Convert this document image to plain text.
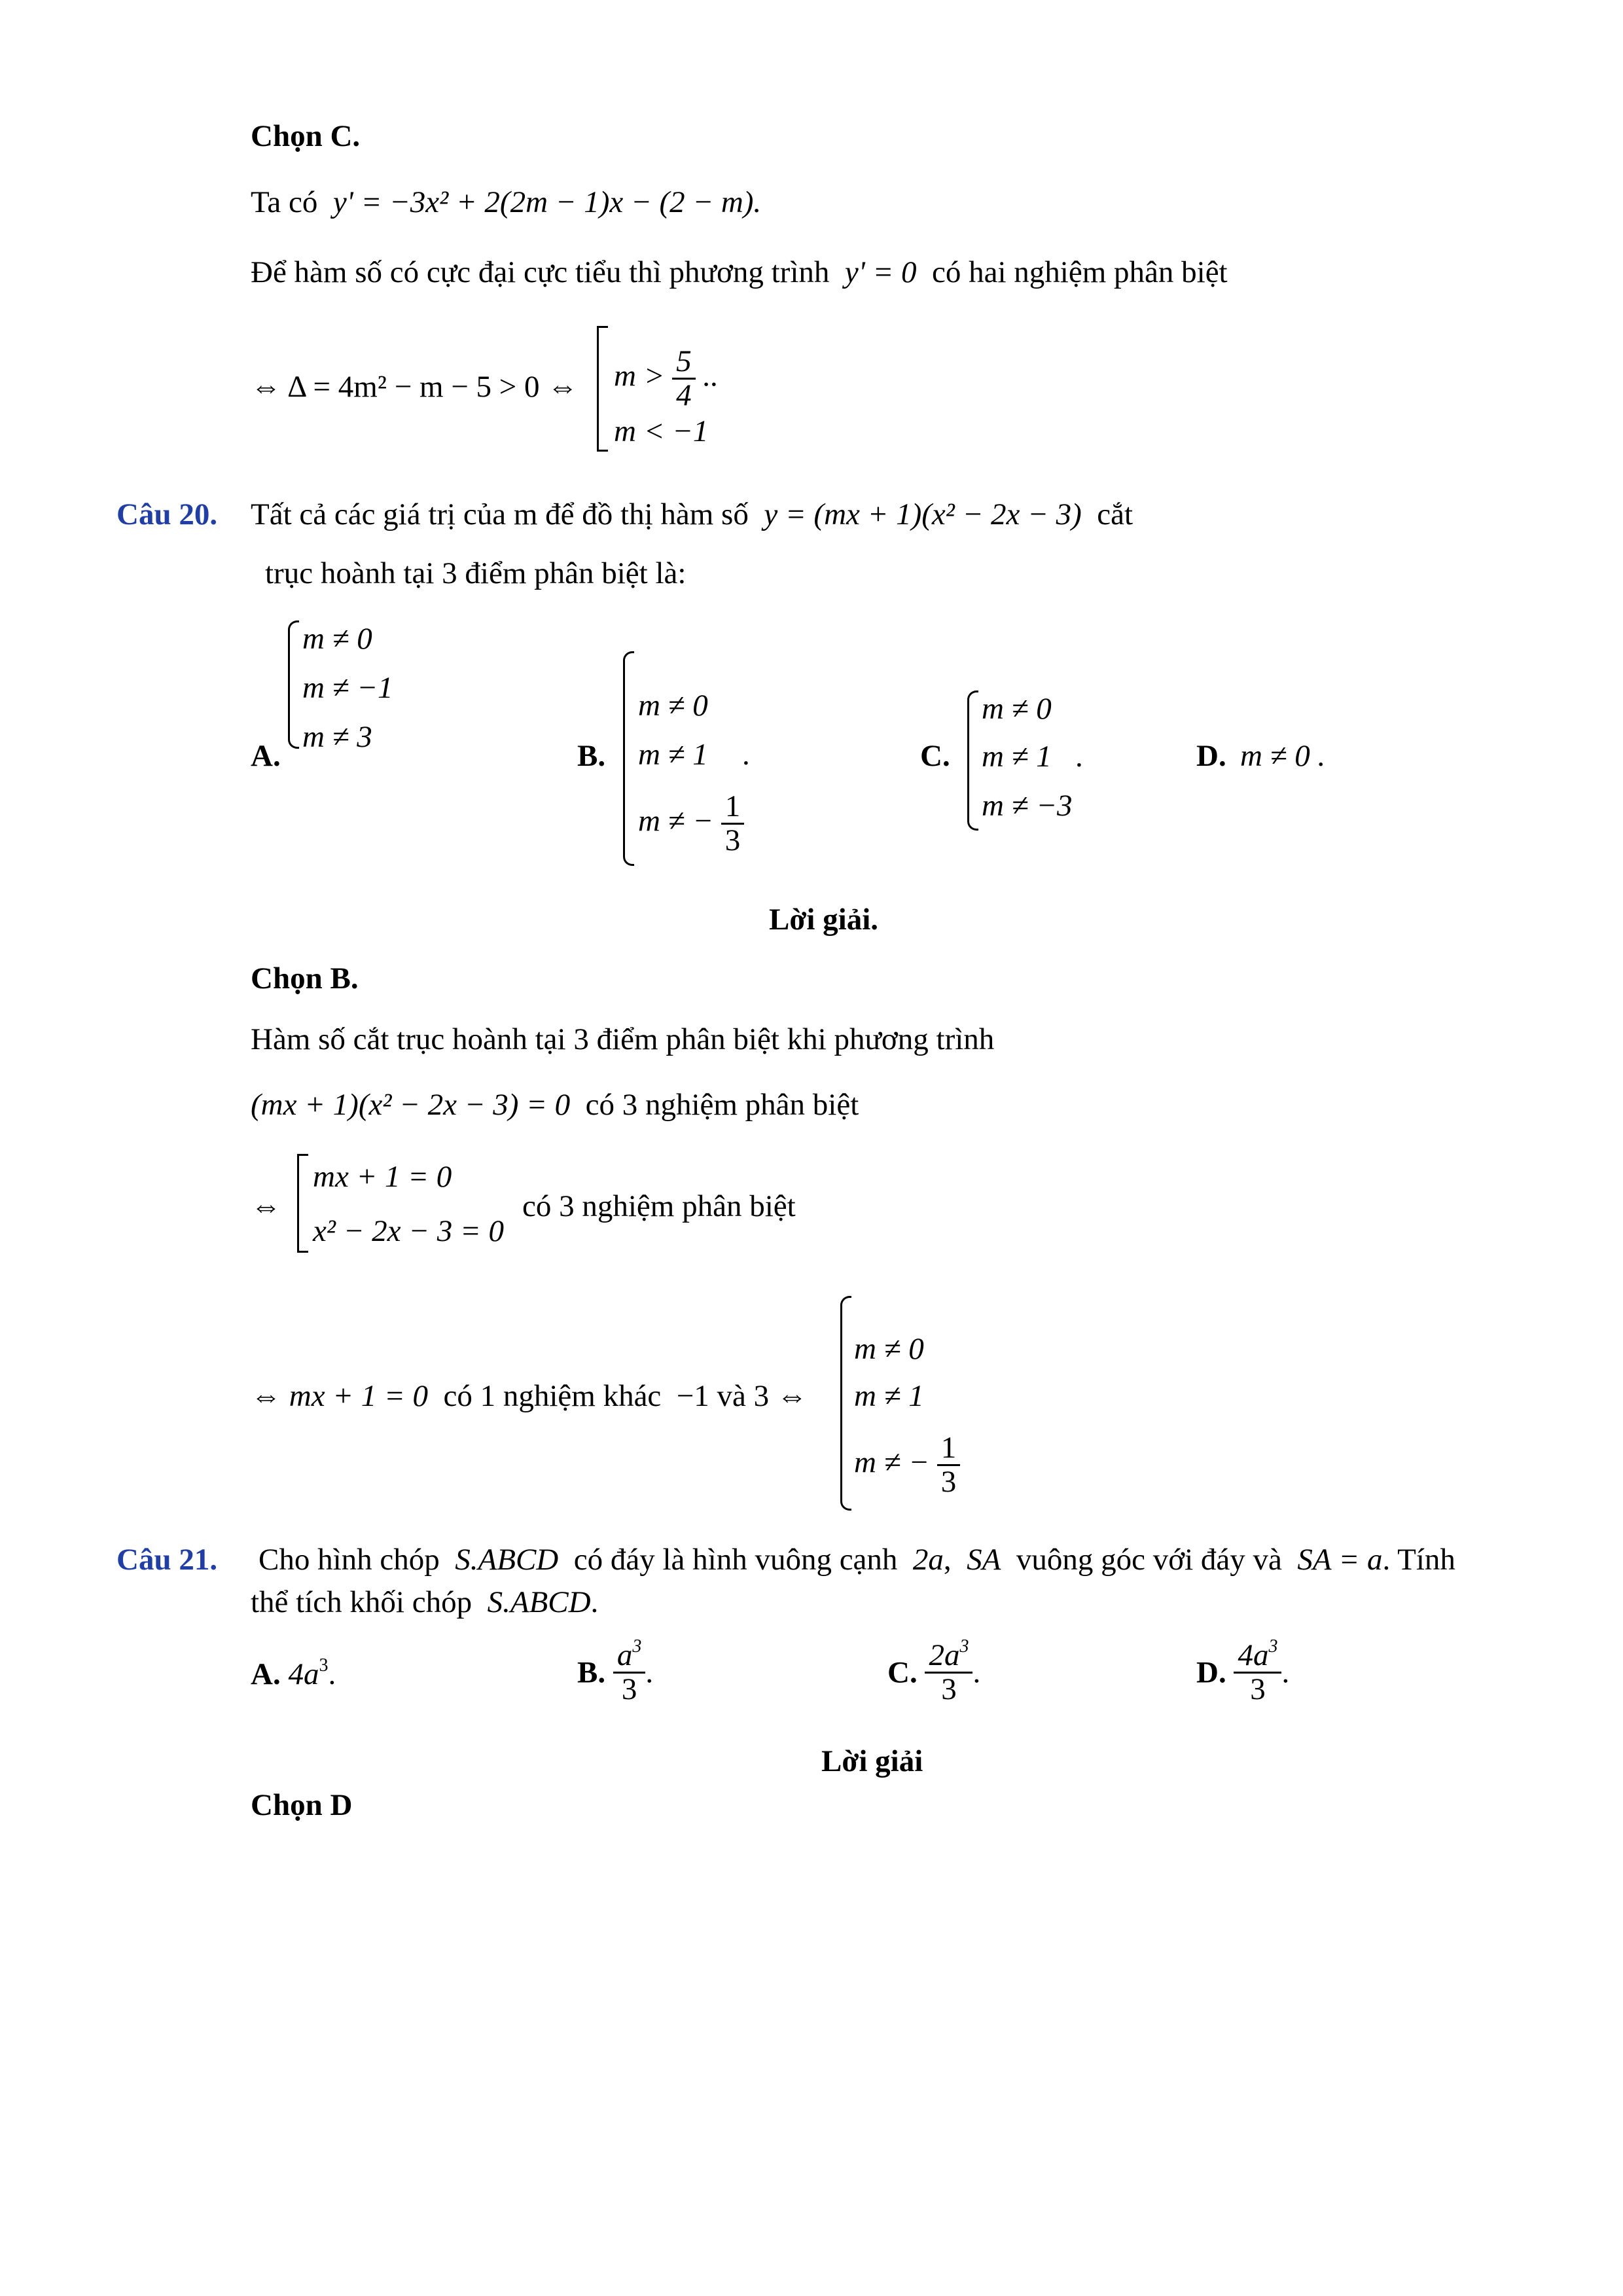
Chọn C.
Ta có y' = −3x² + 2(2m − 1)x − (2 − m).
Để hàm số có cực đại cực tiểu thì phương trình y' = 0 có hai nghiệm phân biệt
⇔ Δ = 4m² − m − 5 > 0 ⇔ $m > \frac{5}{4}$ ..
m < −1
Câu 20. Tất cả các giá trị của m để đồ thị hàm số y = (mx + 1)(x² − 2x − 3) cắt
trục hoành tại 3 điểm phân biệt là:
A.
m ≠ 0
m ≠ −1
m ≠ 3
B.
m ≠ 0
m ≠ 1
m ≠ − $\frac{1}{3}$
.	C.
m ≠ 0
m ≠ 1
m ≠ −3
.	D. m ≠ 0 .
Lời giải.
Chọn B.
Hàm số cắt trục hoành tại 3 điểm phân biệt khi phương trình
(mx + 1)(x² − 2x − 3) = 0 có 3 nghiệm phân biệt
⇔
mx + 1 = 0
x² − 2x − 3 = 0
có 3 nghiệm phân biệt
⇔ mx + 1 = 0 có 1 nghiệm khác −1 và 3 ⇔
m ≠ 0
m ≠ 1
m ≠ − $\frac{1}{3}$
Câu 21. Cho hình chóp S.ABCD có đáy là hình vuông cạnh 2a, SA vuông góc với đáy và SA = a. Tính
thể tích khối chóp S.ABCD.
A. $4a^3$.	B. $\frac{a^3}{3}$ .	C. $\frac{2a^3}{3}$ .	D. $\frac{4a^3}{3}$ .
Lời giải
Chọn D
